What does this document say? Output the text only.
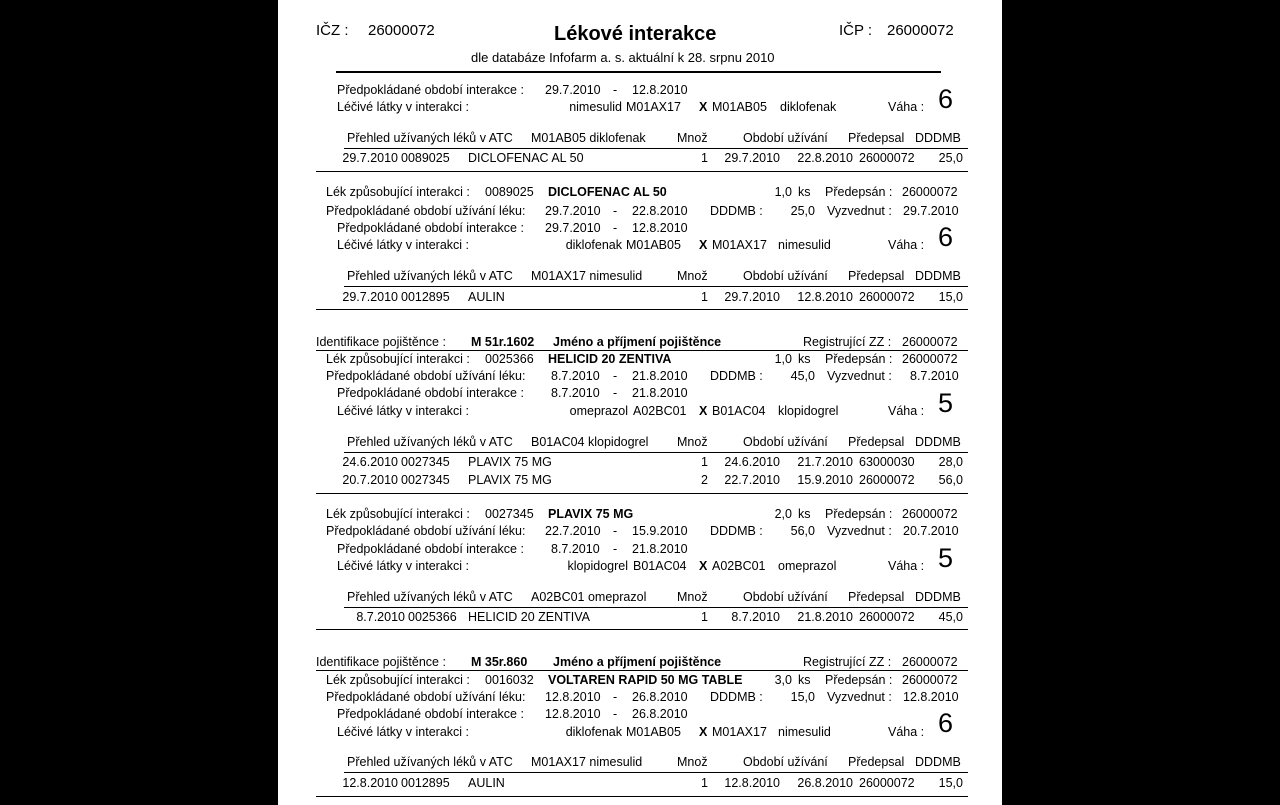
IČZ : 26000072	Lékové interakce	IČP : 26000072
dle databáze Infofarm a. s. aktuální k 28. srpnu 2010
Předpokládané období interakce : 29.7.2010 - 12.8.2010
Léčivé látky v interakci :	nimesulid M01AX17 X M01AB05 diklofenak	Váha : 6
Přehled užívaných léků v ATC M01AB05 diklofenak	Množ	Období užívání Předepsal DDDMB
29.7.2010 0089025 DICLOFENAC AL 50	1	29.7.2010	22.8.2010 26000072	25,0
Lék způsobující interakci : 0089025 DICLOFENAC AL 50	1,0 ks Předepsán : 26000072
Předpokládané období užívání léku: 29.7.2010 - 22.8.2010 DDDMB :	25,0 Vyzvednut : 29.7.2010
Předpokládané období interakce : 29.7.2010 - 12.8.2010
Léčivé látky v interakci :	diklofenak M01AB05 X M01AX17 nimesulid	Váha : 6
Přehled užívaných léků v ATC M01AX17 nimesulid	Množ	Období užívání Předepsal DDDMB
29.7.2010 0012895 AULIN	1	29.7.2010	12.8.2010 26000072	15,0
Identifikace pojištěnce : M 51r.1602 Jméno a příjmení pojištěnce	Registrující ZZ : 26000072
Lék způsobující interakci : 0025366 HELICID 20 ZENTIVA	1,0 ks Předepsán : 26000072
Předpokládané období užívání léku: 8.7.2010 - 21.8.2010 DDDMB :	45,0 Vyzvednut : 8.7.2010
Předpokládané období interakce : 8.7.2010 - 21.8.2010
Léčivé látky v interakci :	omeprazol A02BC01 X B01AC04 klopidogrel	Váha : 5
Přehled užívaných léků v ATC B01AC04 klopidogrel Množ	Období užívání Předepsal DDDMB
24.6.2010 0027345 PLAVIX 75 MG	1	24.6.2010	21.7.2010 63000030	28,0
20.7.2010 0027345 PLAVIX 75 MG	2	22.7.2010	15.9.2010 26000072	56,0
Lék způsobující interakci : 0027345 PLAVIX 75 MG	2,0 ks Předepsán : 26000072
Předpokládané období užívání léku: 22.7.2010 - 15.9.2010 DDDMB :	56,0 Vyzvednut : 20.7.2010
Předpokládané období interakce : 8.7.2010 - 21.8.2010
Léčivé látky v interakci :	klopidogrel B01AC04 X A02BC01 omeprazol	Váha : 5
Přehled užívaných léků v ATC A02BC01 omeprazol Množ	Období užívání Předepsal DDDMB
8.7.2010 0025366 HELICID 20 ZENTIVA	1	8.7.2010	21.8.2010 26000072	45,0
Identifikace pojištěnce : M 35r.860 Jméno a příjmení pojištěnce	Registrující ZZ : 26000072
Lék způsobující interakci : 0016032 VOLTAREN RAPID 50 MG TABLE	3,0 ks Předepsán : 26000072
Předpokládané období užívání léku: 12.8.2010 - 26.8.2010 DDDMB :	15,0 Vyzvednut : 12.8.2010
Předpokládané období interakce : 12.8.2010 - 26.8.2010
Léčivé látky v interakci :	diklofenak M01AB05 X M01AX17 nimesulid	Váha : 6
Přehled užívaných léků v ATC M01AX17 nimesulid	Množ	Období užívání Předepsal DDDMB
12.8.2010 0012895 AULIN	1	12.8.2010	26.8.2010 26000072	15,0
